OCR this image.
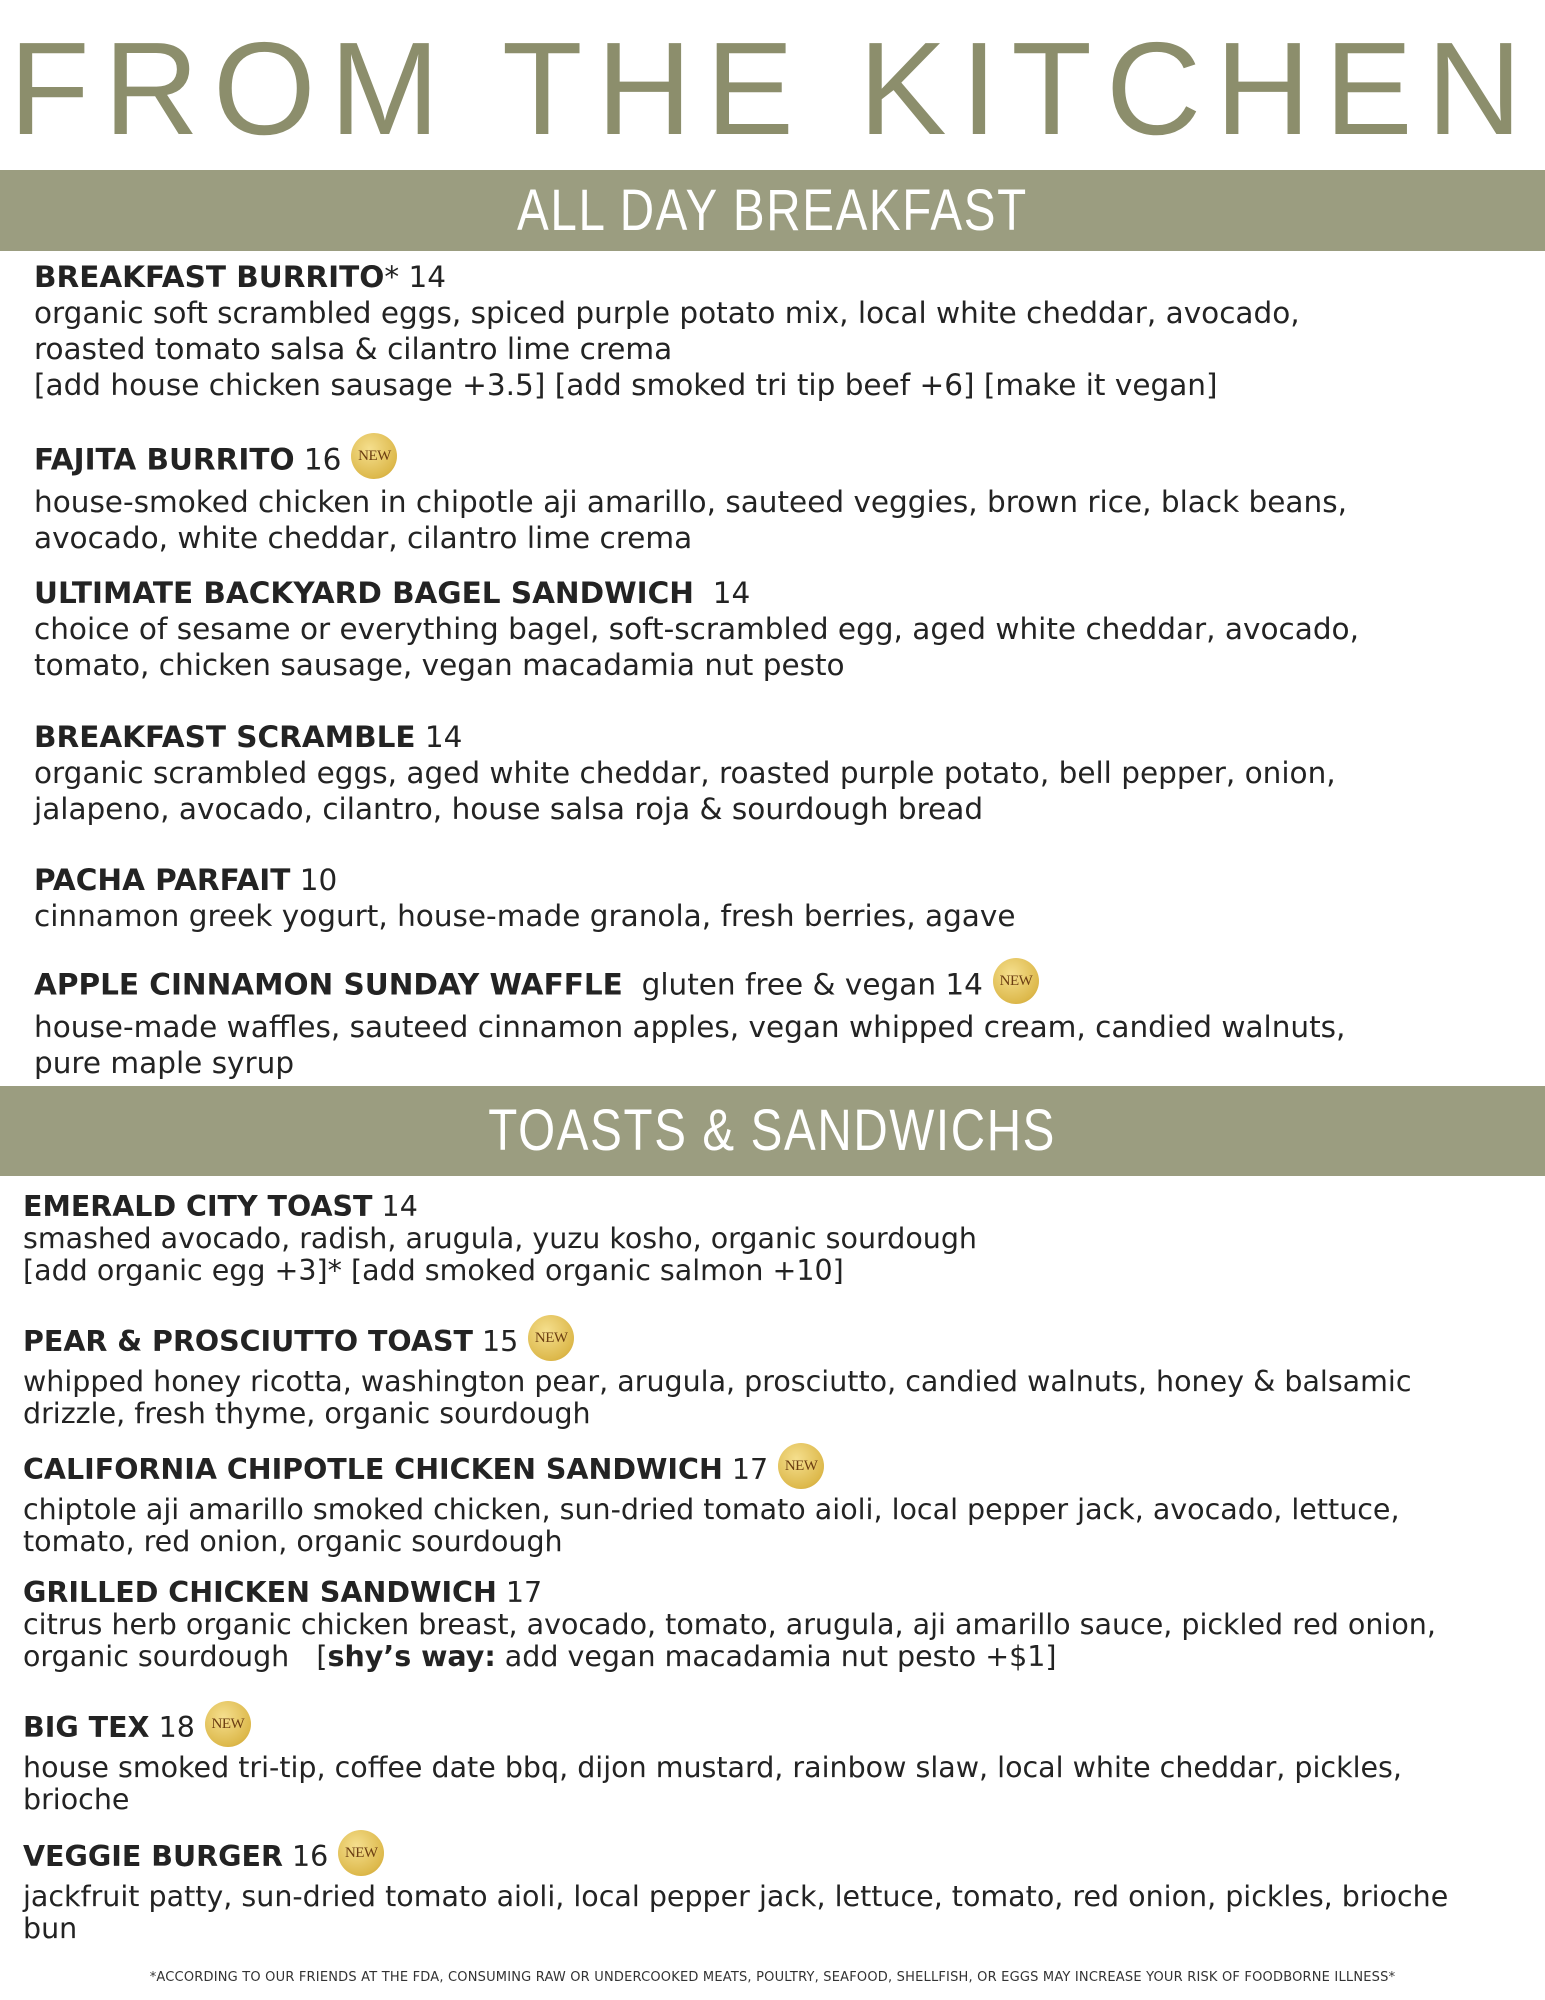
FROM THE KITCHEN
ALL DAY BREAKFAST
BREAKFAST BURRITO* 14
organic soft scrambled eggs, spiced purple potato mix, local white cheddar, avocado,
roasted tomato salsa & cilantro lime crema
[add house chicken sausage +3.5] [add smoked tri tip beef +6] [make it vegan]
FAJITA BURRITO 16 NEW
house-smoked chicken in chipotle aji amarillo, sauteed veggies, brown rice, black beans,
avocado, white cheddar, cilantro lime crema
ULTIMATE BACKYARD BAGEL SANDWICH  14
choice of sesame or everything bagel, soft-scrambled egg, aged white cheddar, avocado,
tomato, chicken sausage, vegan macadamia nut pesto
BREAKFAST SCRAMBLE 14
organic scrambled eggs, aged white cheddar, roasted purple potato, bell pepper, onion,
jalapeno, avocado, cilantro, house salsa roja & sourdough bread
PACHA PARFAIT 10
cinnamon greek yogurt, house-made granola, fresh berries, agave
APPLE CINNAMON SUNDAY WAFFLE  gluten free & vegan 14 NEW
house-made waffles, sauteed cinnamon apples, vegan whipped cream, candied walnuts,
pure maple syrup
TOASTS & SANDWICHS
EMERALD CITY TOAST 14
smashed avocado, radish, arugula, yuzu kosho, organic sourdough
[add organic egg +3]* [add smoked organic salmon +10]
PEAR & PROSCIUTTO TOAST 15 NEW
whipped honey ricotta, washington pear, arugula, prosciutto, candied walnuts, honey & balsamic
drizzle, fresh thyme, organic sourdough
CALIFORNIA CHIPOTLE CHICKEN SANDWICH 17 NEW
chiptole aji amarillo smoked chicken, sun-dried tomato aioli, local pepper jack, avocado, lettuce,
tomato, red onion, organic sourdough
GRILLED CHICKEN SANDWICH 17
citrus herb organic chicken breast, avocado, tomato, arugula, aji amarillo sauce, pickled red onion,
organic sourdough   [shy’s way: add vegan macadamia nut pesto +$1]
BIG TEX 18 NEW
house smoked tri-tip, coffee date bbq, dijon mustard, rainbow slaw, local white cheddar, pickles,
brioche
VEGGIE BURGER 16 NEW
jackfruit patty, sun-dried tomato aioli, local pepper jack, lettuce, tomato, red onion, pickles, brioche
bun
*ACCORDING TO OUR FRIENDS AT THE FDA, CONSUMING RAW OR UNDERCOOKED MEATS, POULTRY, SEAFOOD, SHELLFISH, OR EGGS MAY INCREASE YOUR RISK OF FOODBORNE ILLNESS*
